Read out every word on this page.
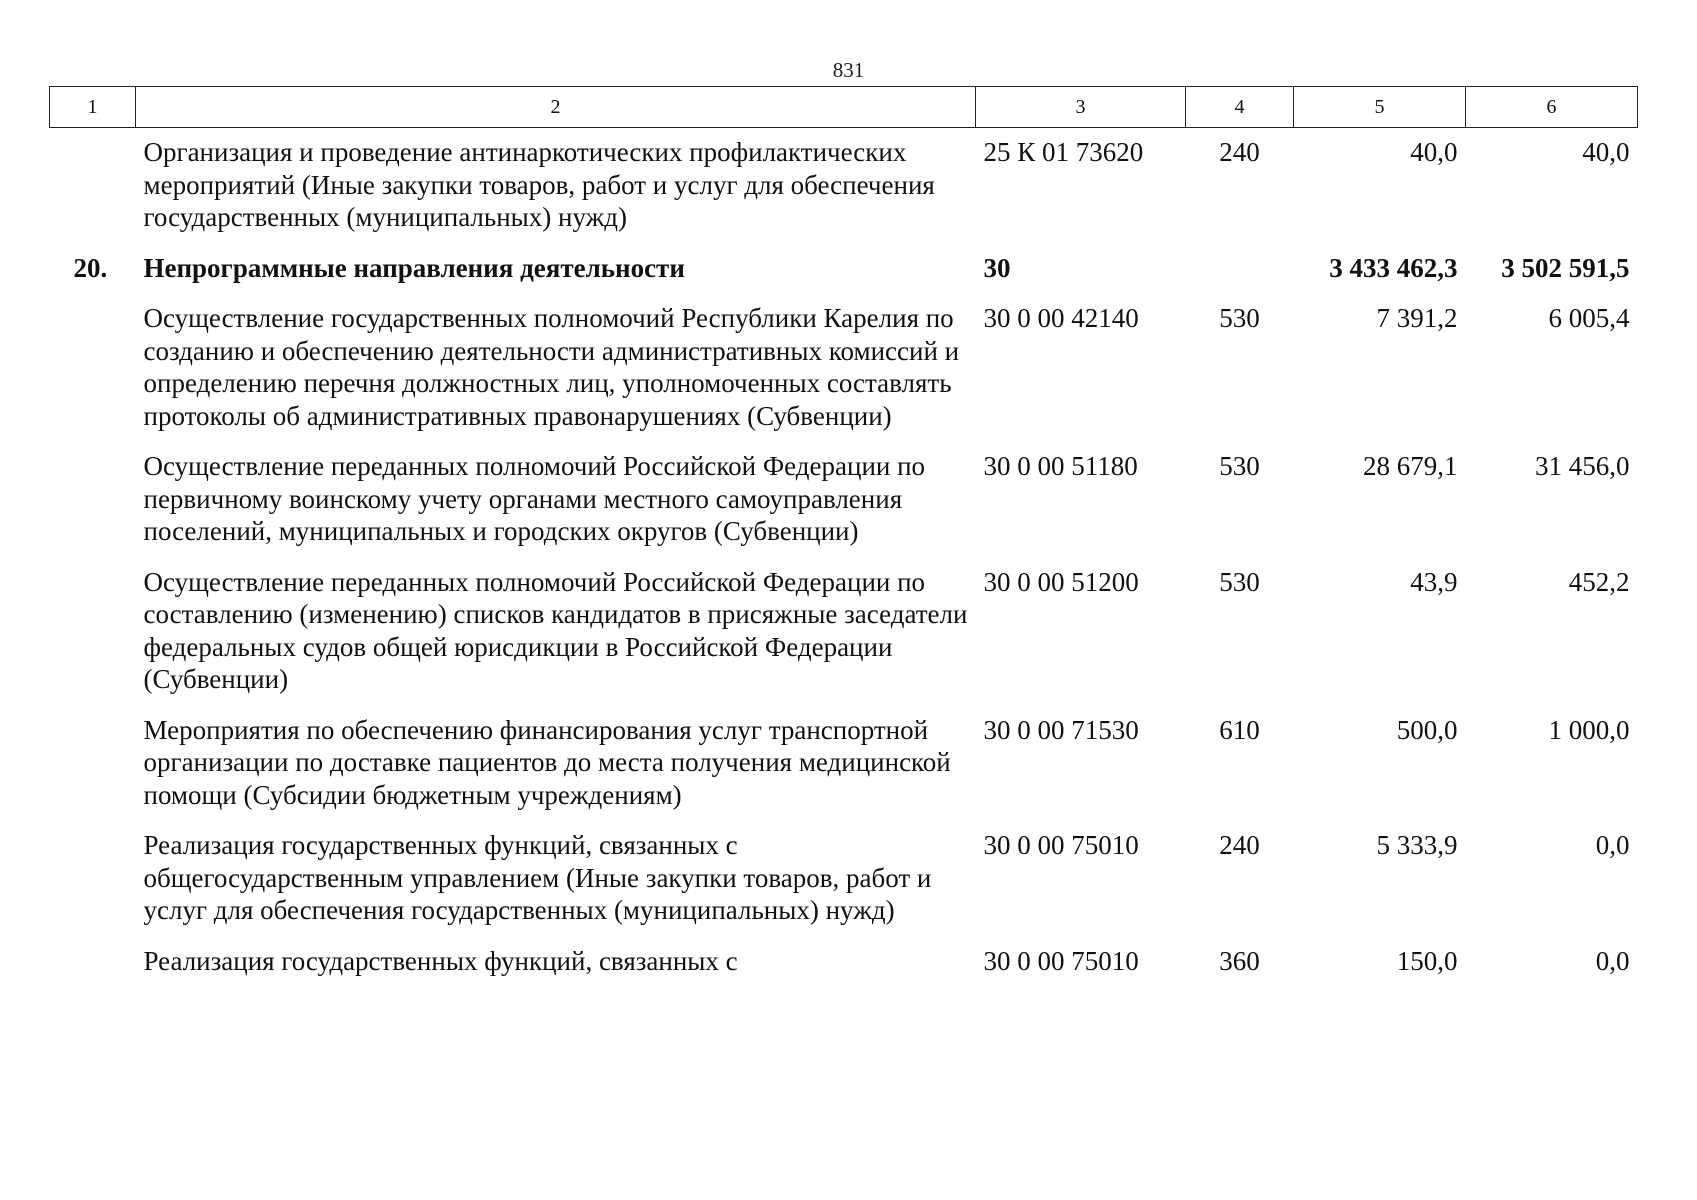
831
1	2	3	4	5	6
	Организация и проведение антинаркотических профилактических мероприятий (Иные закупки товаров, работ и услуг для обеспечения государственных (муниципальных) нужд)	25 К 01 73620	240	40,0	40,0
20.	Непрограммные направления деятельности	30		3 433 462,3	3 502 591,5
	Осуществление государственных полномочий Республики Карелия по созданию и обеспечению деятельности административных комиссий и определению перечня должностных лиц, уполномоченных составлять протоколы об административных правонарушениях (Субвенции)	30 0 00 42140	530	7 391,2	6 005,4
	Осуществление переданных полномочий Российской Федерации по первичному воинскому учету органами местного самоуправления поселений, муниципальных и городских округов (Субвенции)	30 0 00 51180	530	28 679,1	31 456,0
	Осуществление переданных полномочий Российской Федерации по составлению (изменению) списков кандидатов в присяжные заседатели федеральных судов общей юрисдикции в Российской Федерации (Субвенции)	30 0 00 51200	530	43,9	452,2
	Мероприятия по обеспечению финансирования услуг транспортной организации по доставке пациентов до места получения медицинской помощи (Субсидии бюджетным учреждениям)	30 0 00 71530	610	500,0	1 000,0
	Реализация государственных функций, связанных с общегосударственным управлением (Иные закупки товаров, работ и услуг для обеспечения государственных (муниципальных) нужд)	30 0 00 75010	240	5 333,9	0,0
	Реализация государственных функций, связанных с	30 0 00 75010	360	150,0	0,0
